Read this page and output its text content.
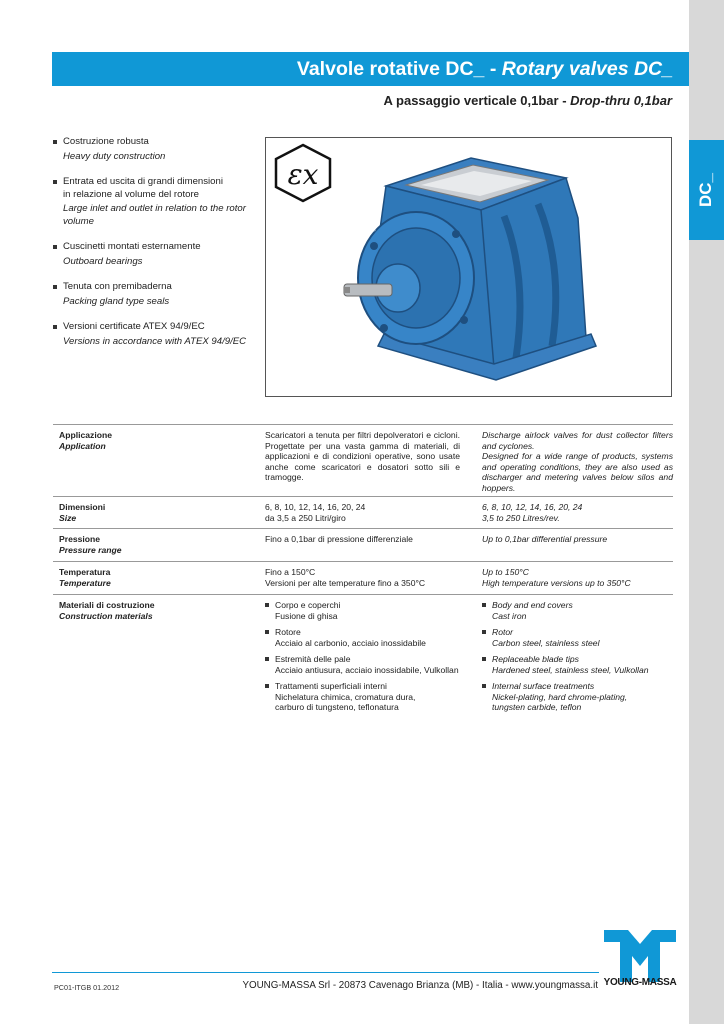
DC_
Valvole rotative DC_ - Rotary valves DC_
A passaggio verticale 0,1bar - Drop-thru 0,1bar
Costruzione robusta
Heavy duty construction
Entrata ed uscita di grandi dimensioni
in relazione al volume del rotore
Large inlet and outlet in relation to the rotor volume
Cuscinetti montati esternamente
Outboard bearings
Tenuta con premibaderna
Packing gland type seals
Versioni certificate ATEX 94/9/EC
Versions in accordance with ATEX 94/9/EC
εx
Applicazione
Application
Scaricatori a tenuta per filtri depolveratori e cicloni. Progettate per una vasta gamma di materiali, di applicazioni e di condizioni operative, sono usate anche come scaricatori e dosatori sotto sili e tramogge.
Discharge airlock valves for dust collector filters and cyclones.
Designed for a wide range of products, systems and operating conditions, they are also used as discharger and metering valves below silos and hoppers.
Dimensioni
Size
6, 8, 10, 12, 14, 16, 20, 24
da 3,5 a 250 Litri/giro
6, 8, 10, 12, 14, 16, 20, 24
3,5 to 250 Litres/rev.
Pressione
Pressure range
Fino a 0,1bar di pressione differenziale	Up to 0,1bar differential pressure
Temperatura
Temperature
Fino a 150°C
Versioni per alte temperature fino a 350°C
Up to 150°C
High temperature versions up to 350°C
Materiali di costruzione
Construction materials
Corpo e coperchi
Fusione di ghisa
Rotore
Acciaio al carbonio, acciaio inossidabile
Estremità delle pale
Acciaio antiusura, acciaio inossidabile, Vulkollan
Trattamenti superficiali interni
Nichelatura chimica, cromatura dura,
carburo di tungsteno, teflonatura
Body and end covers
Cast iron
Rotor
Carbon steel, stainless steel
Replaceable blade tips
Hardened steel, stainless steel, Vulkollan
Internal surface treatments
Nickel-plating, hard chrome-plating,
tungsten carbide, teflon
PC01-ITGB 01.2012	YOUNG-MASSA Srl - 20873 Cavenago Brianza (MB) - Italia - www.youngmassa.it YOUNG-MASSA
